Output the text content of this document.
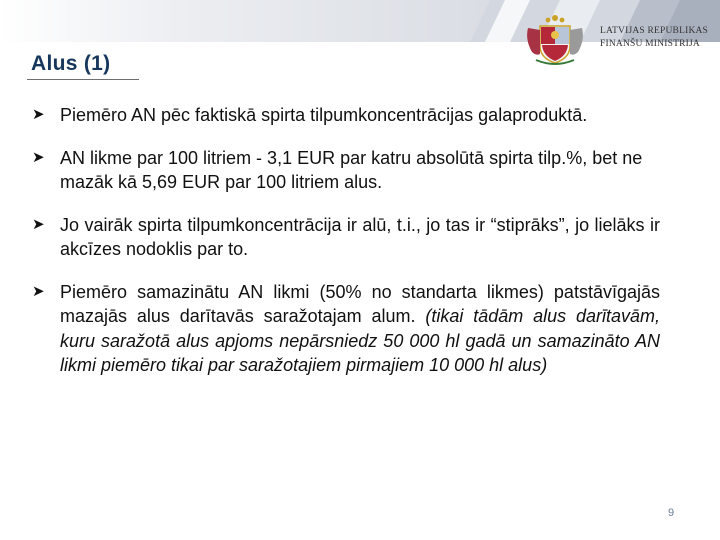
LATVIJAS REPUBLIKAS
FINANŠU MINISTRIJA
Alus (1)
➤ Piemēro AN pēc faktiskā spirta tilpumkoncentrācijas galaproduktā.
➤ AN likme par 100 litriem - 3,1 EUR par katru absolūtā spirta tilp.%, bet ne mazāk kā 5,69 EUR par 100 litriem alus.
➤ Jo vairāk spirta tilpumkoncentrācija ir alū, t.i., jo tas ir “stiprāks”, jo lielāks ir akcīzes nodoklis par to.
➤ Piemēro samazinātu AN likmi (50% no standarta likmes) patstāvīgajās mazajās alus darītavās saražotajam alum. (tikai tādām alus darītavām, kuru saražotā alus apjoms nepārsniedz 50 000 hl gadā un samazināto AN likmi piemēro tikai par saražotajiem pirmajiem 10 000 hl alus)
9
